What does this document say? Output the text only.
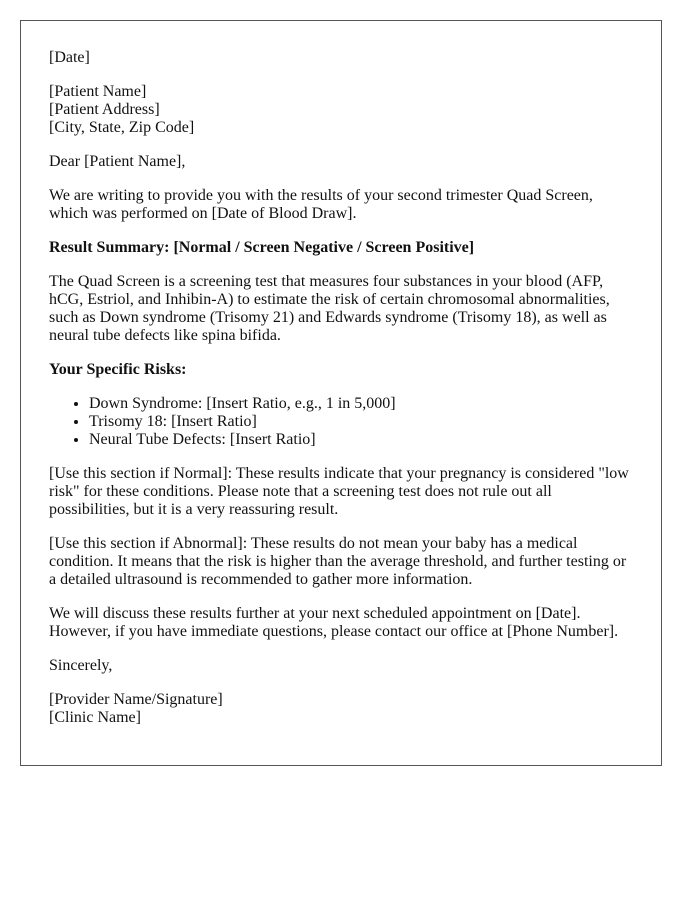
[Date]

[Patient Name]
[Patient Address]
[City, State, Zip Code]

Dear [Patient Name],

We are writing to provide you with the results of your second trimester Quad Screen, which was performed on [Date of Blood Draw].

Result Summary: [Normal / Screen Negative / Screen Positive]

The Quad Screen is a screening test that measures four substances in your blood (AFP, hCG, Estriol, and Inhibin-A) to estimate the risk of certain chromosomal abnormalities, such as Down syndrome (Trisomy 21) and Edwards syndrome (Trisomy 18), as well as neural tube defects like spina bifida.

Your Specific Risks:

• Down Syndrome: [Insert Ratio, e.g., 1 in 5,000]
• Trisomy 18: [Insert Ratio]
• Neural Tube Defects: [Insert Ratio]

[Use this section if Normal]: These results indicate that your pregnancy is considered "low risk" for these conditions. Please note that a screening test does not rule out all possibilities, but it is a very reassuring result.

[Use this section if Abnormal]: These results do not mean your baby has a medical condition. It means that the risk is higher than the average threshold, and further testing or a detailed ultrasound is recommended to gather more information.

We will discuss these results further at your next scheduled appointment on [Date]. However, if you have immediate questions, please contact our office at [Phone Number].

Sincerely,

[Provider Name/Signature]
[Clinic Name]
